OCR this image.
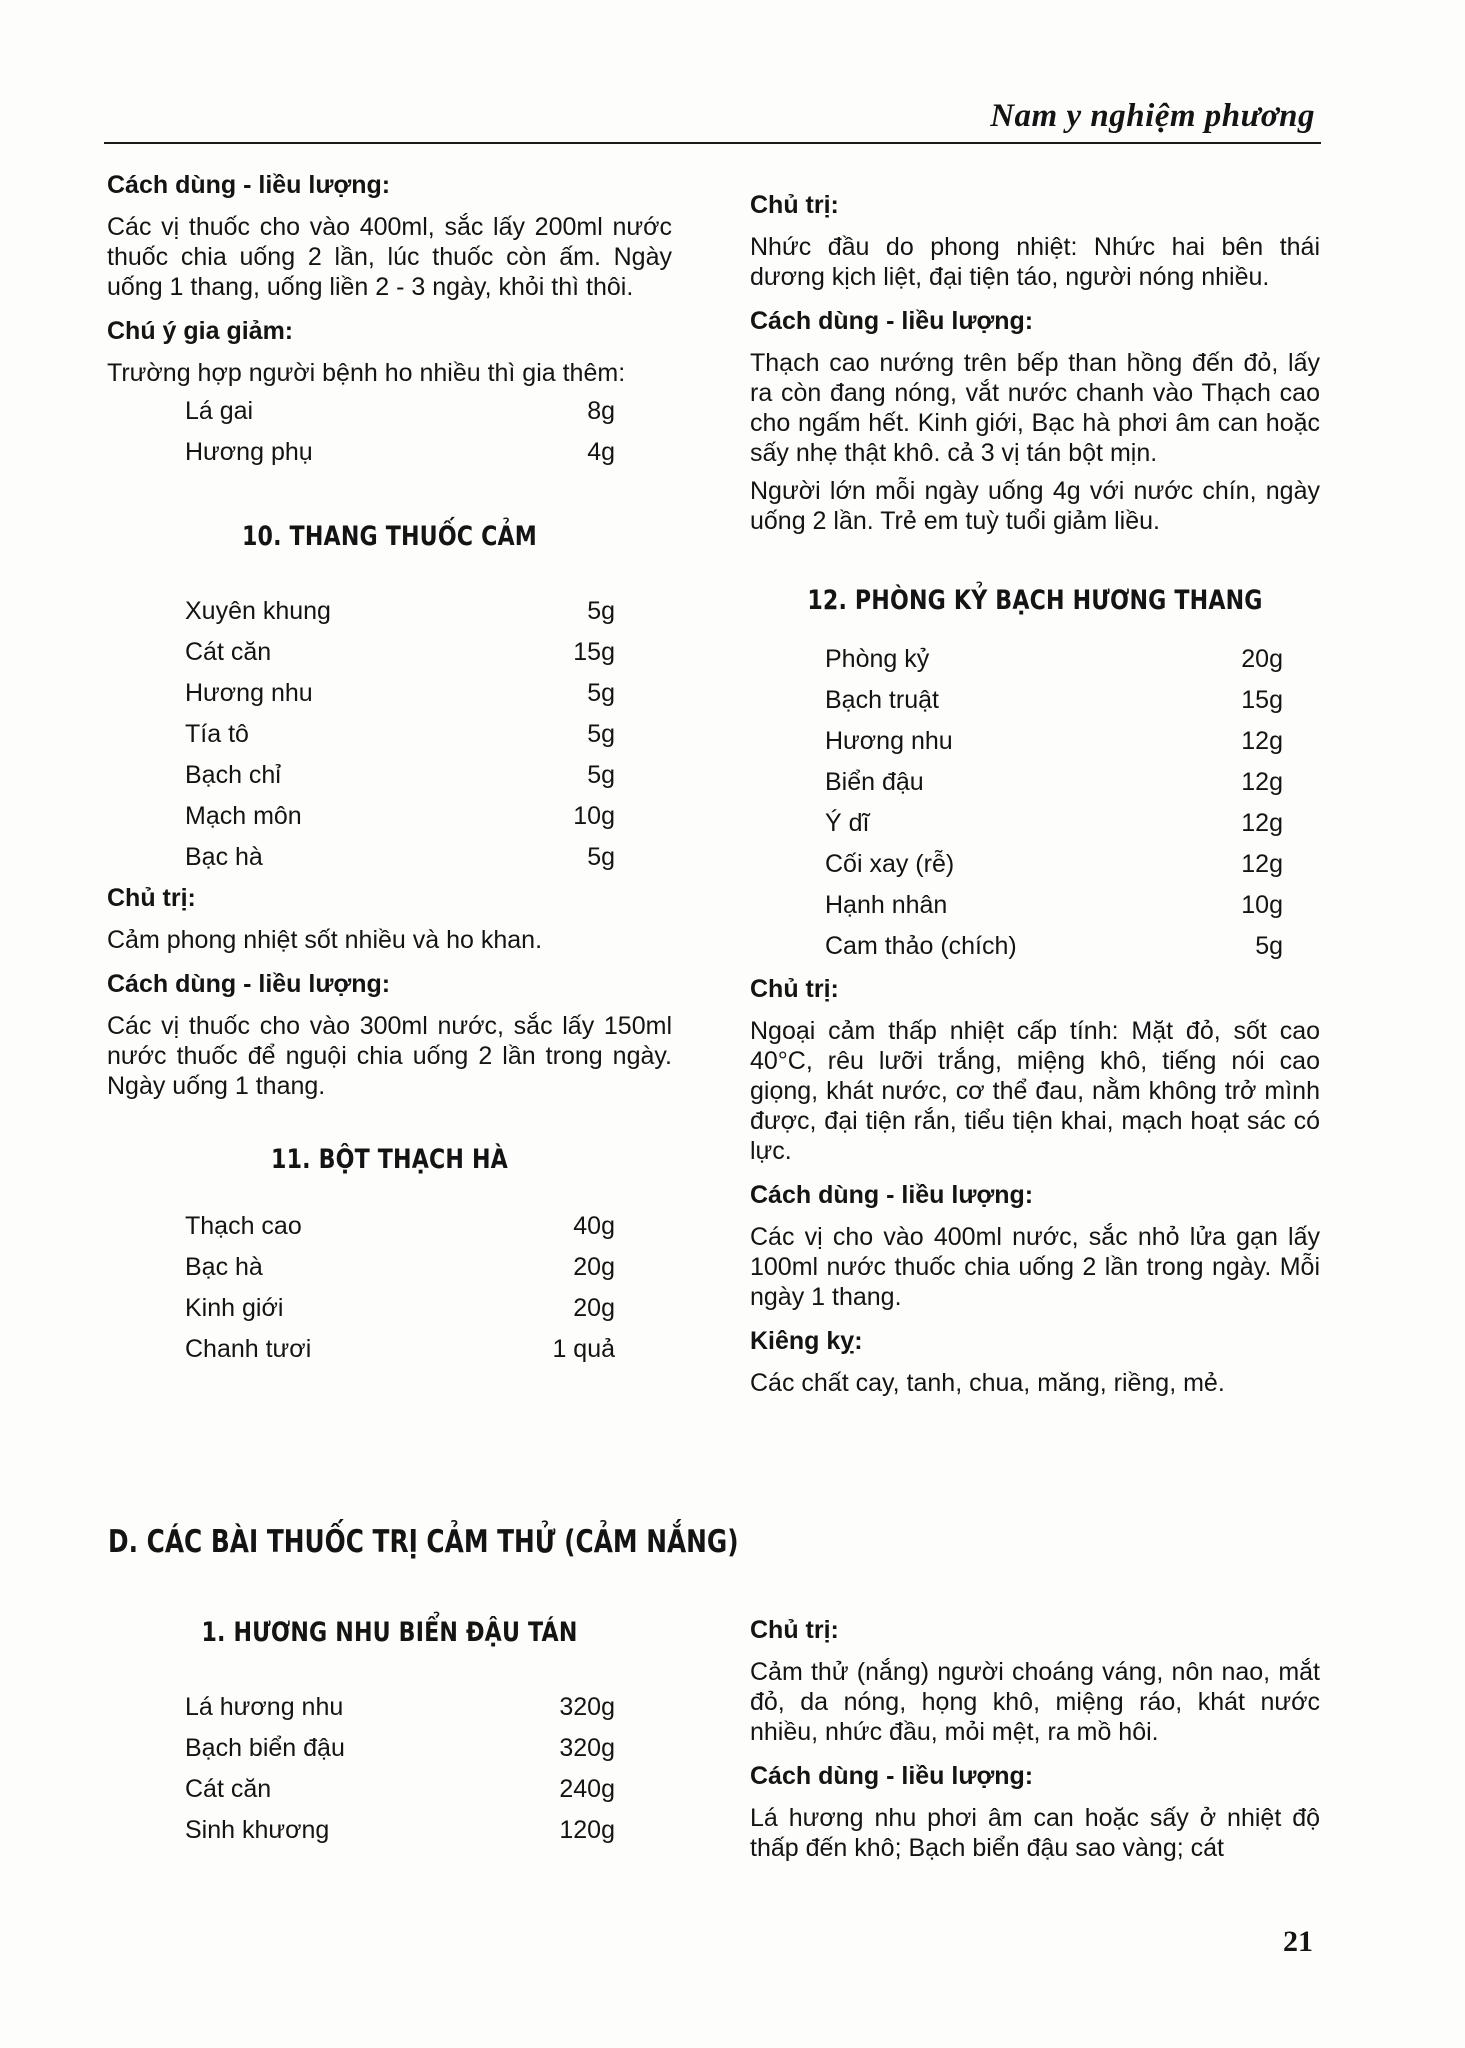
Nam y nghiệm phương

Cách dùng - liều lượng:

Các vị thuốc cho vào 400ml, sắc lấy 200ml nước thuốc chia uống 2 lần, lúc thuốc còn ấm. Ngày uống 1 thang, uống liền 2 - 3 ngày, khỏi thì thôi.

Chú ý gia giảm:

Trường hợp người bệnh ho nhiều thì gia thêm:

Lá gai	8g
Hương phụ	4g
10. THANG THUỐC CẢM
Xuyên khung	5g
Cát căn	15g
Hương nhu	5g
Tía tô	5g
Bạch chỉ	5g
Mạch môn	10g
Bạc hà	5g

Chủ trị:

Cảm phong nhiệt sốt nhiều và ho khan.

Cách dùng - liều lượng:

Các vị thuốc cho vào 300ml nước, sắc lấy 150ml nước thuốc để nguội chia uống 2 lần trong ngày. Ngày uống 1 thang.

11. BỘT THẠCH HÀ
Thạch cao	40g
Bạc hà	20g
Kinh giới	20g
Chanh tươi	1 quả

Chủ trị:

Nhức đầu do phong nhiệt: Nhức hai bên thái dương kịch liệt, đại tiện táo, người nóng nhiều.

Cách dùng - liều lượng:

Thạch cao nướng trên bếp than hồng đến đỏ, lấy ra còn đang nóng, vắt nước chanh vào Thạch cao cho ngấm hết. Kinh giới, Bạc hà phơi âm can hoặc sấy nhẹ thật khô. cả 3 vị tán bột mịn.

Người lớn mỗi ngày uống 4g với nước chín, ngày uống 2 lần. Trẻ em tuỳ tuổi giảm liều.

12. PHÒNG KỶ BẠCH HƯƠNG THANG
Phòng kỷ	20g
Bạch truật	15g
Hương nhu	12g
Biển đậu	12g
Ý dĩ	12g
Cối xay (rễ)	12g
Hạnh nhân	10g
Cam thảo (chích)	5g

Chủ trị:

Ngoại cảm thấp nhiệt cấp tính: Mặt đỏ, sốt cao 40°C, rêu lưỡi trắng, miệng khô, tiếng nói cao giọng, khát nước, cơ thể đau, nằm không trở mình được, đại tiện rắn, tiểu tiện khai, mạch hoạt sác có lực.

Cách dùng - liều lượng:

Các vị cho vào 400ml nước, sắc nhỏ lửa gạn lấy 100ml nước thuốc chia uống 2 lần trong ngày. Mỗi ngày 1 thang.

Kiêng kỵ:

Các chất cay, tanh, chua, măng, riềng, mẻ.

D. CÁC BÀI THUỐC TRỊ CẢM THỬ (CẢM NẮNG)
1. HƯƠNG NHU BIỂN ĐẬU TÁN
Lá hương nhu	320g
Bạch biển đậu	320g
Cát căn	240g
Sinh khương	120g

Chủ trị:

Cảm thử (nắng) người choáng váng, nôn nao, mắt đỏ, da nóng, họng khô, miệng ráo, khát nước nhiều, nhức đầu, mỏi mệt, ra mồ hôi.

Cách dùng - liều lượng:

Lá hương nhu phơi âm can hoặc sấy ở nhiệt độ thấp đến khô; Bạch biển đậu sao vàng; cát

21
